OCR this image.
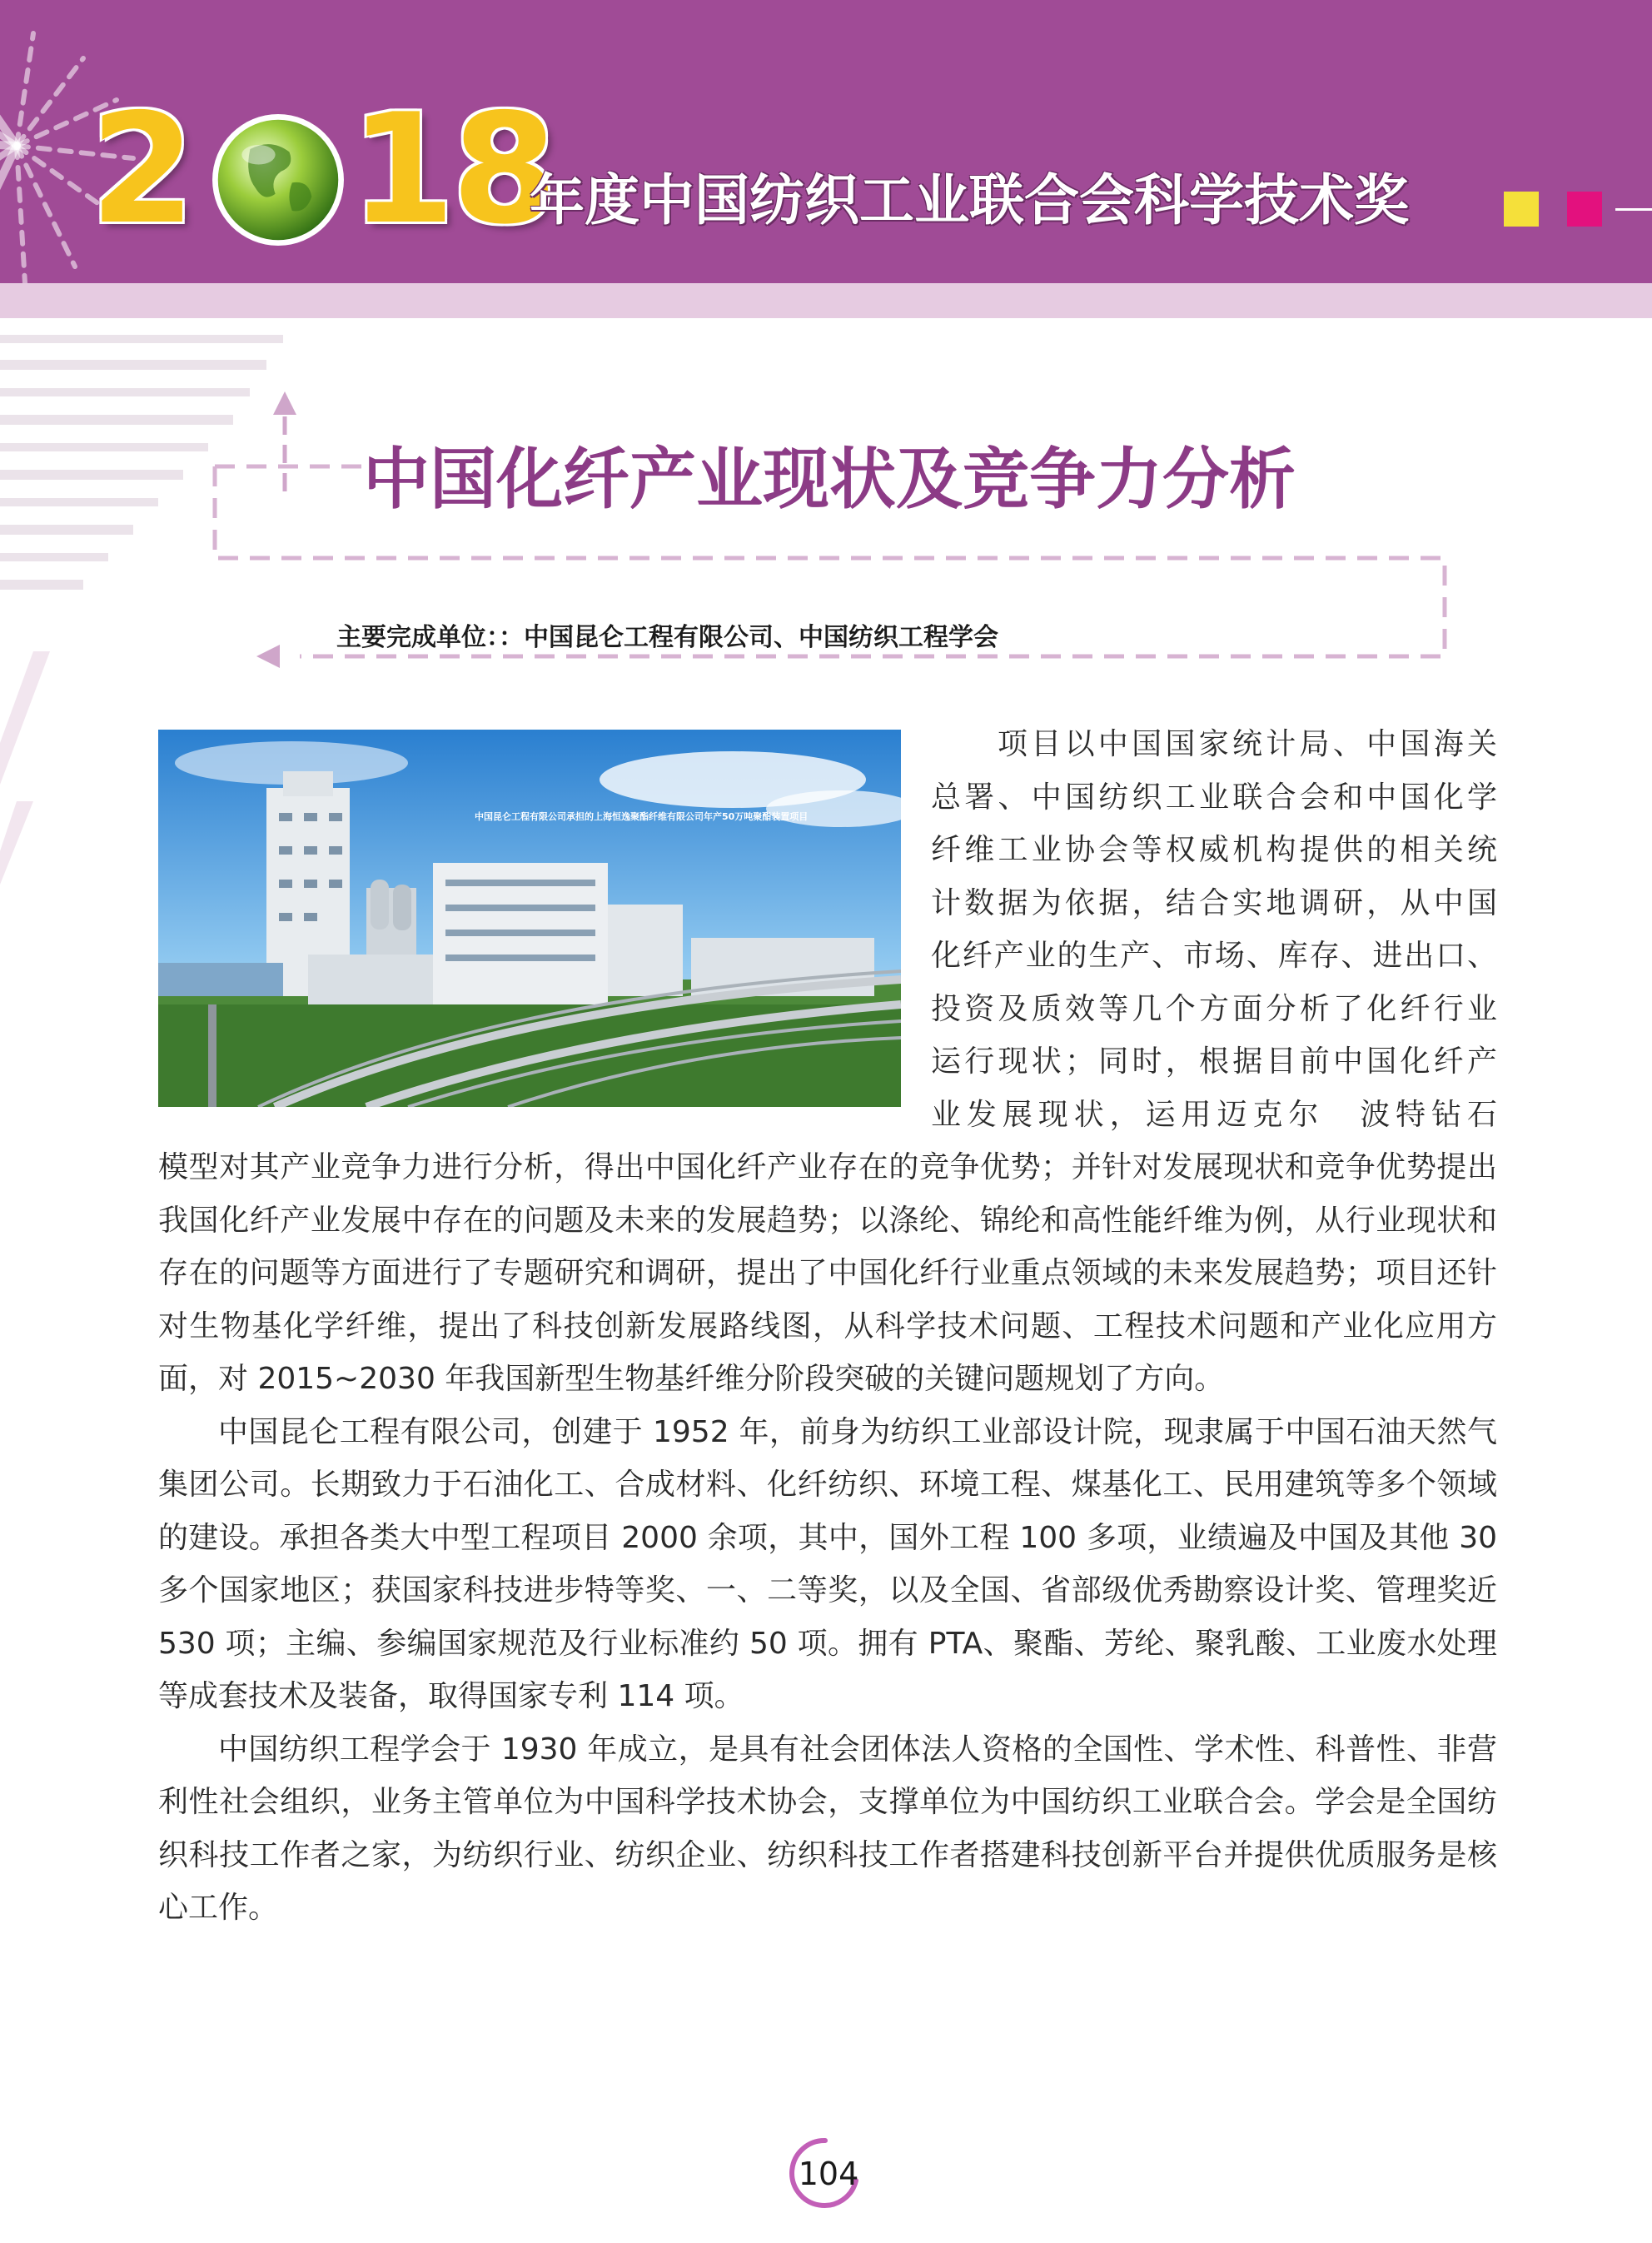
2 18
年度中国纺织工业联合会科学技术奖
中国化纤产业现状及竞争力分析
主要完成单位：：中国昆仑工程有限公司、中国纺织工程学会
中国昆仑工程有限公司承担的上海恒逸聚酯纤维有限公司年产50万吨聚酯装置项目
项目以中国国家统计局、中国海关
总署、中国纺织工业联合会和中国化学
纤维工业协会等权威机构提供的相关统
计数据为依据，结合实地调研，从中国
化纤产业的生产、市场、库存、进出口、
投资及质效等几个方面分析了化纤行业
运行现状；同时，根据目前中国化纤产
业发展现状，运用迈克尔　波特钻石

模型对其产业竞争力进行分析，得出中国化纤产业存在的竞争优势；并针对发展现状和竞争优势提出我国化纤产业发展中存在的问题及未来的发展趋势；以涤纶、锦纶和高性能纤维为例，从行业现状和存在的问题等方面进行了专题研究和调研，提出了中国化纤行业重点领域的未来发展趋势；项目还针对生物基化学纤维，提出了科技创新发展路线图，从科学技术问题、工程技术问题和产业化应用方面，对 2015~2030 年我国新型生物基纤维分阶段突破的关键问题规划了方向。

中国昆仑工程有限公司，创建于 1952 年，前身为纺织工业部设计院，现隶属于中国石油天然气集团公司。长期致力于石油化工、合成材料、化纤纺织、环境工程、煤基化工、民用建筑等多个领域的建设。承担各类大中型工程项目 2000 余项，其中，国外工程 100 多项，业绩遍及中国及其他 30 多个国家地区；获国家科技进步特等奖、一、二等奖，以及全国、省部级优秀勘察设计奖、管理奖近 530 项；主编、参编国家规范及行业标准约 50 项。拥有 PTA、聚酯、芳纶、聚乳酸、工业废水处理等成套技术及装备，取得国家专利 114 项。

中国纺织工程学会于 1930 年成立，是具有社会团体法人资格的全国性、学术性、科普性、非营利性社会组织，业务主管单位为中国科学技术协会，支撑单位为中国纺织工业联合会。学会是全国纺织科技工作者之家，为纺织行业、纺织企业、纺织科技工作者搭建科技创新平台并提供优质服务是核心工作。

104
